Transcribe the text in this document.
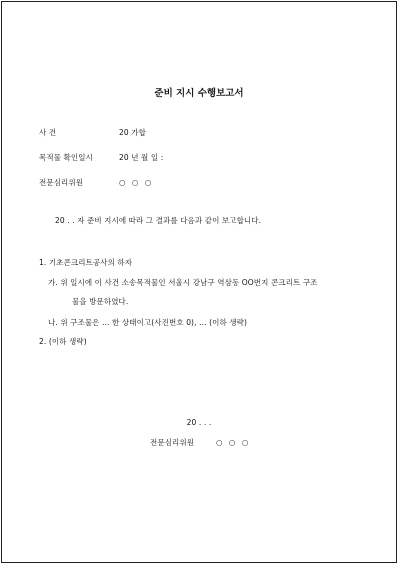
준비 지시 수행보고서
사 건	20 가합
목적물 확인일시	20 년 월 일 :
전문심리위원	○ ○ ○
20 . . 자 준비 지시에 따라 그 결과를 다음과 같이 보고합니다.
1. 기초콘크리트공사의 하자
가. 위 일시에 이 사건 소송목적물인 서울시 강남구 역삼동 OO번지 콘크리트 구조
물을 방문하였다.
나. 위 구조물은 … 한 상태이고(사진번호 0), … (이하 생략)
2. (이하 생략)
20 . . .
전문심리위원	○ ○ ○
